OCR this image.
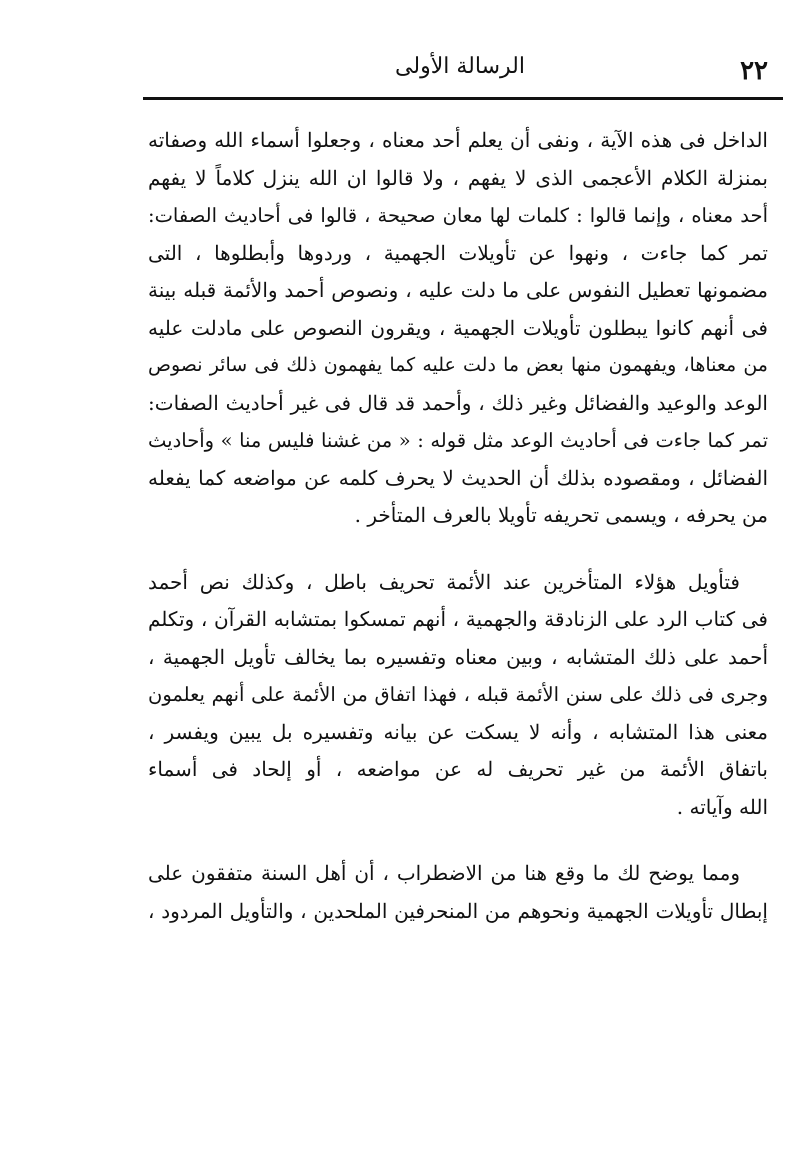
٢٢
الرسالة الأولى

الداخل فى هذه الآية ، ونفى أن يعلم أحد معناه ، وجعلوا أسماء الله وصفاته
بمنزلة الكلام الأعجمى الذى لا يفهم ، ولا قالوا ان الله ينزل كلاماً لا يفهم
أحد معناه ، وإنما قالوا : كلمات لها معان صحيحة ، قالوا فى أحاديث الصفات:
تمر كما جاءت ، ونهوا عن تأويلات الجهمية ، وردوها وأبطلوها ، التى
مضمونها تعطيل النفوس على ما دلت عليه ، ونصوص أحمد والأئمة قبله بينة
فى أنهم كانوا يبطلون تأويلات الجهمية ، ويقرون النصوص على مادلت عليه
من معناها، ويفهمون منها بعض ما دلت عليه كما يفهمون ذلك فى سائر نصوص
الوعد والوعيد والفضائل وغير ذلك ، وأحمد قد قال فى غير أحاديث الصفات:
تمر كما جاءت فى أحاديث الوعد مثل قوله : « من غشنا فليس منا » وأحاديث
الفضائل ، ومقصوده بذلك أن الحديث لا يحرف كلمه عن مواضعه كما يفعله
من يحرفه ، ويسمى تحريفه تأويلا بالعرف المتأخر .

فتأويل هؤلاء المتأخرين عند الأئمة تحريف باطل ، وكذلك نص أحمد
فى كتاب الرد على الزنادقة والجهمية ، أنهم تمسكوا بمتشابه القرآن ، وتكلم
أحمد على ذلك المتشابه ، وبين معناه وتفسيره بما يخالف تأويل الجهمية ،
وجرى فى ذلك على سنن الأئمة قبله ، فهذا اتفاق من الأئمة على أنهم يعلمون
معنى هذا المتشابه ، وأنه لا يسكت عن بيانه وتفسيره بل يبين ويفسر ،
باتفاق الأئمة من غير تحريف له عن مواضعه ، أو إلحاد فى أسماء
الله وآياته .

ومما يوضح لك ما وقع هنا من الاضطراب ، أن أهل السنة متفقون على
إبطال تأويلات الجهمية ونحوهم من المنحرفين الملحدين ، والتأويل المردود ،
